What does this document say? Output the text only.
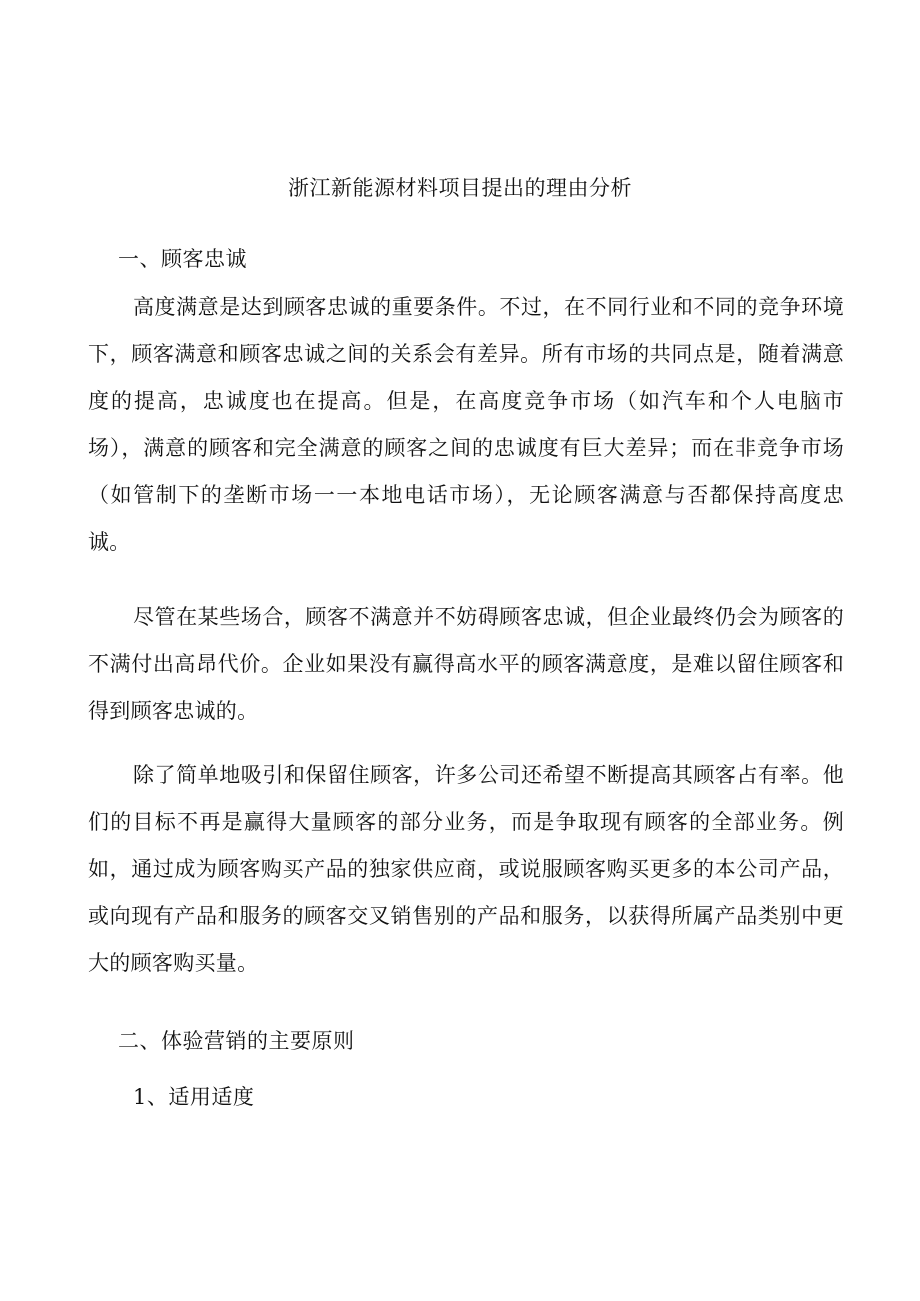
浙江新能源材料项目提出的理由分析
一、顾客忠诚

高度满意是达到顾客忠诚的重要条件。不过，在不同行业和不同的竞争环境下，顾客满意和顾客忠诚之间的关系会有差异。所有市场的共同点是，随着满意度的提高，忠诚度也在提高。但是，在高度竞争市场（如汽车和个人电脑市场），满意的顾客和完全满意的顾客之间的忠诚度有巨大差异；而在非竞争市场（如管制下的垄断市场一一本地电话市场），无论顾客满意与否都保持高度忠诚。

尽管在某些场合，顾客不满意并不妨碍顾客忠诚，但企业最终仍会为顾客的不满付出高昂代价。企业如果没有赢得高水平的顾客满意度，是难以留住顾客和得到顾客忠诚的。

除了简单地吸引和保留住顾客，许多公司还希望不断提高其顾客占有率。他们的目标不再是赢得大量顾客的部分业务，而是争取现有顾客的全部业务。例如，通过成为顾客购买产品的独家供应商，或说服顾客购买更多的本公司产品，或向现有产品和服务的顾客交叉销售别的产品和服务，以获得所属产品类别中更大的顾客购买量。

二、体验营销的主要原则
1、适用适度
